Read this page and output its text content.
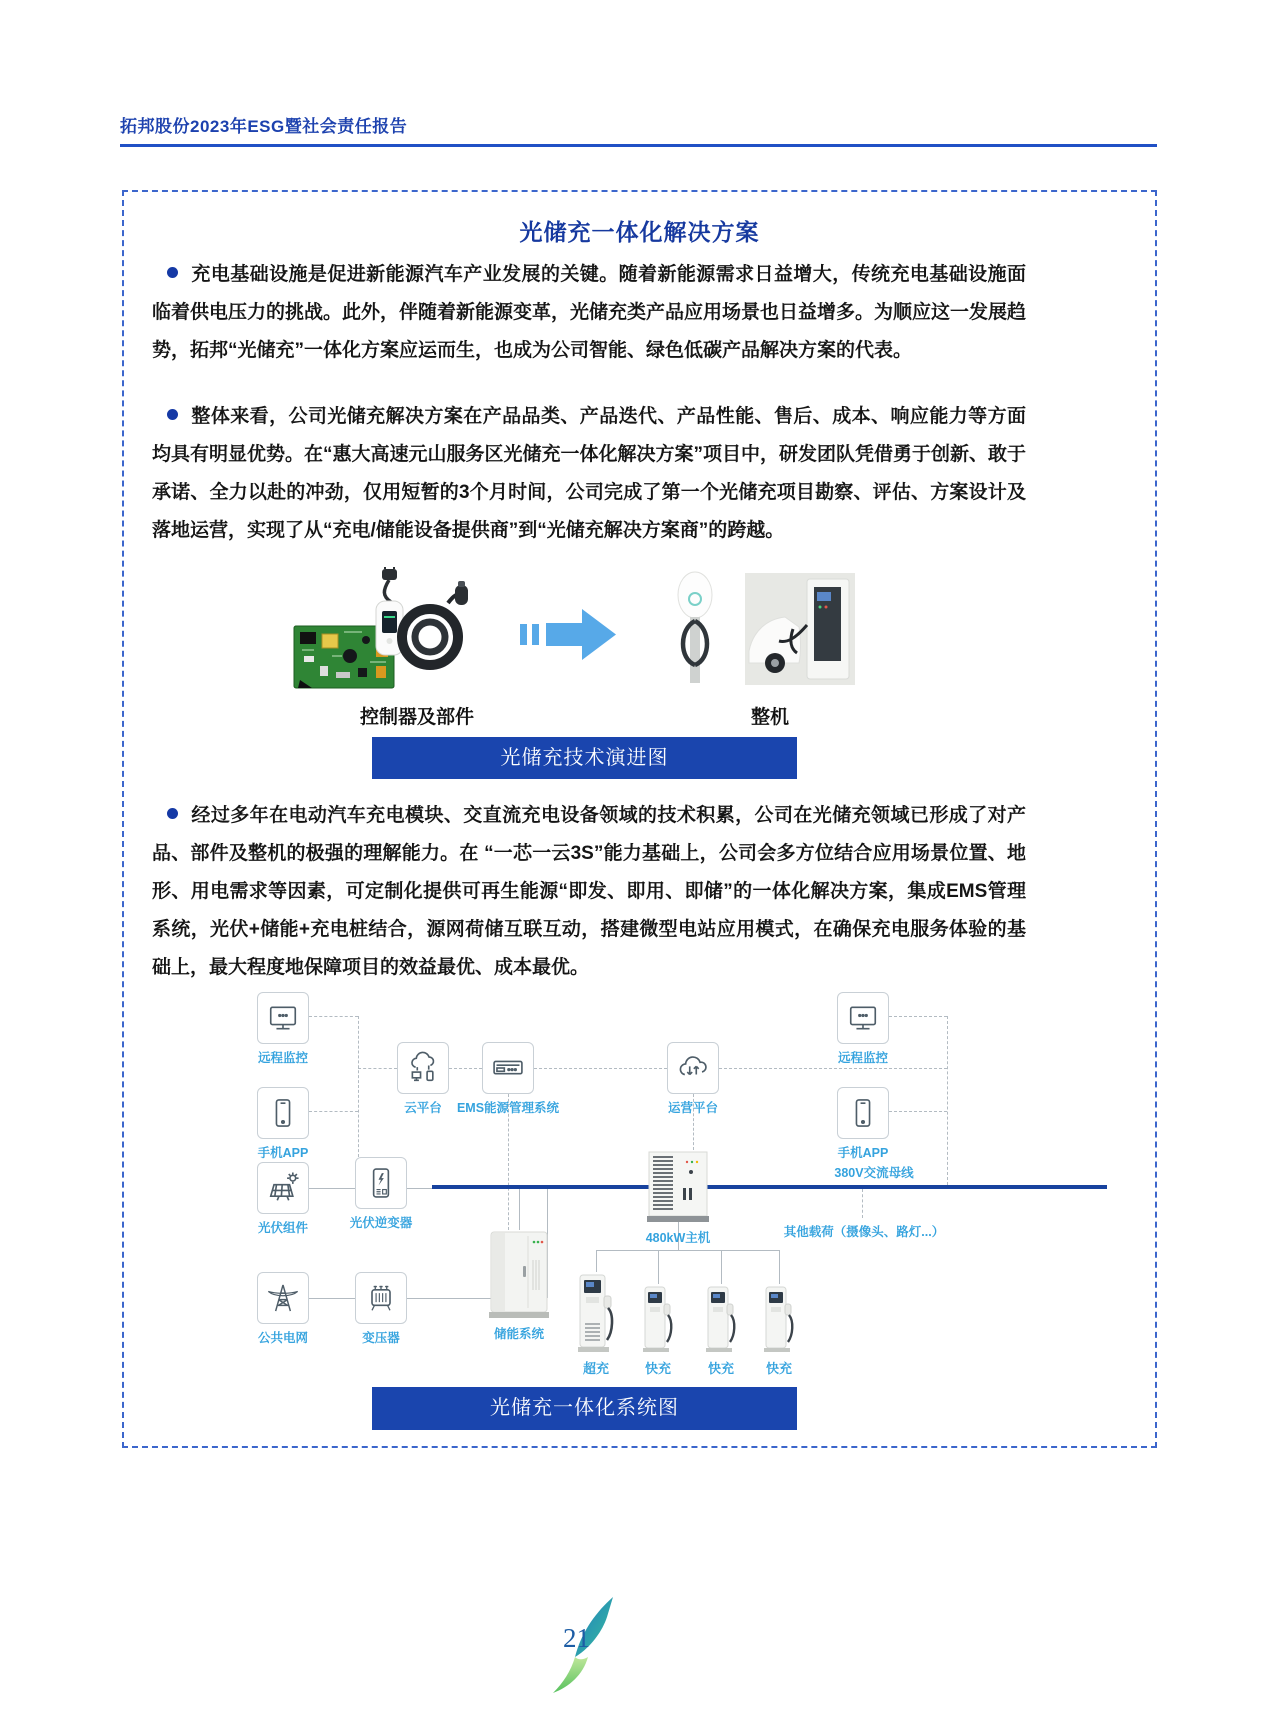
拓邦股份2023年ESG暨社会责任报告
光储充一体化解决方案

充电基础设施是促进新能源汽车产业发展的关键。随着新能源需求日益增大，传统充电基础设施面临着供电压力的挑战。此外，伴随着新能源变革，光储充类产品应用场景也日益增多。为顺应这一发展趋势，拓邦“光储充”一体化方案应运而生，也成为公司智能、绿色低碳产品解决方案的代表。

整体来看，公司光储充解决方案在产品品类、产品迭代、产品性能、售后、成本、响应能力等方面均具有明显优势。在“惠大高速元山服务区光储充一体化解决方案”项目中，研发团队凭借勇于创新、敢于承诺、全力以赴的冲劲，仅用短暂的3个月时间，公司完成了第一个光储充项目勘察、评估、方案设计及落地运营，实现了从“充电/储能设备提供商”到“光储充解决方案商”的跨越。

控制器及部件	整机
光储充技术演进图

经过多年在电动汽车充电模块、交直流充电设备领域的技术积累，公司在光储充领域已形成了对产品、部件及整机的极强的理解能力。在 “一芯一云3S”能力基础上，公司会多方位结合应用场景位置、地形、用电需求等因素，可定制化提供可再生能源“即发、即用、即储”的一体化解决方案，集成EMS管理系统，光伏+储能+充电桩结合，源网荷储互联互动，搭建微型电站应用模式，在确保充电服务体验的基础上，最大程度地保障项目的效益最优、成本最优。

380V交流母线
其他载荷（摄像头、路灯...）
远程监控
手机APP
光伏组件
公共电网
云平台	EMS能源管理系统	运营平台
光伏逆变器
变压器
远程监控
手机APP
储能系统
480kW主机
超充	快充	快充	快充
光储充一体化系统图
21
